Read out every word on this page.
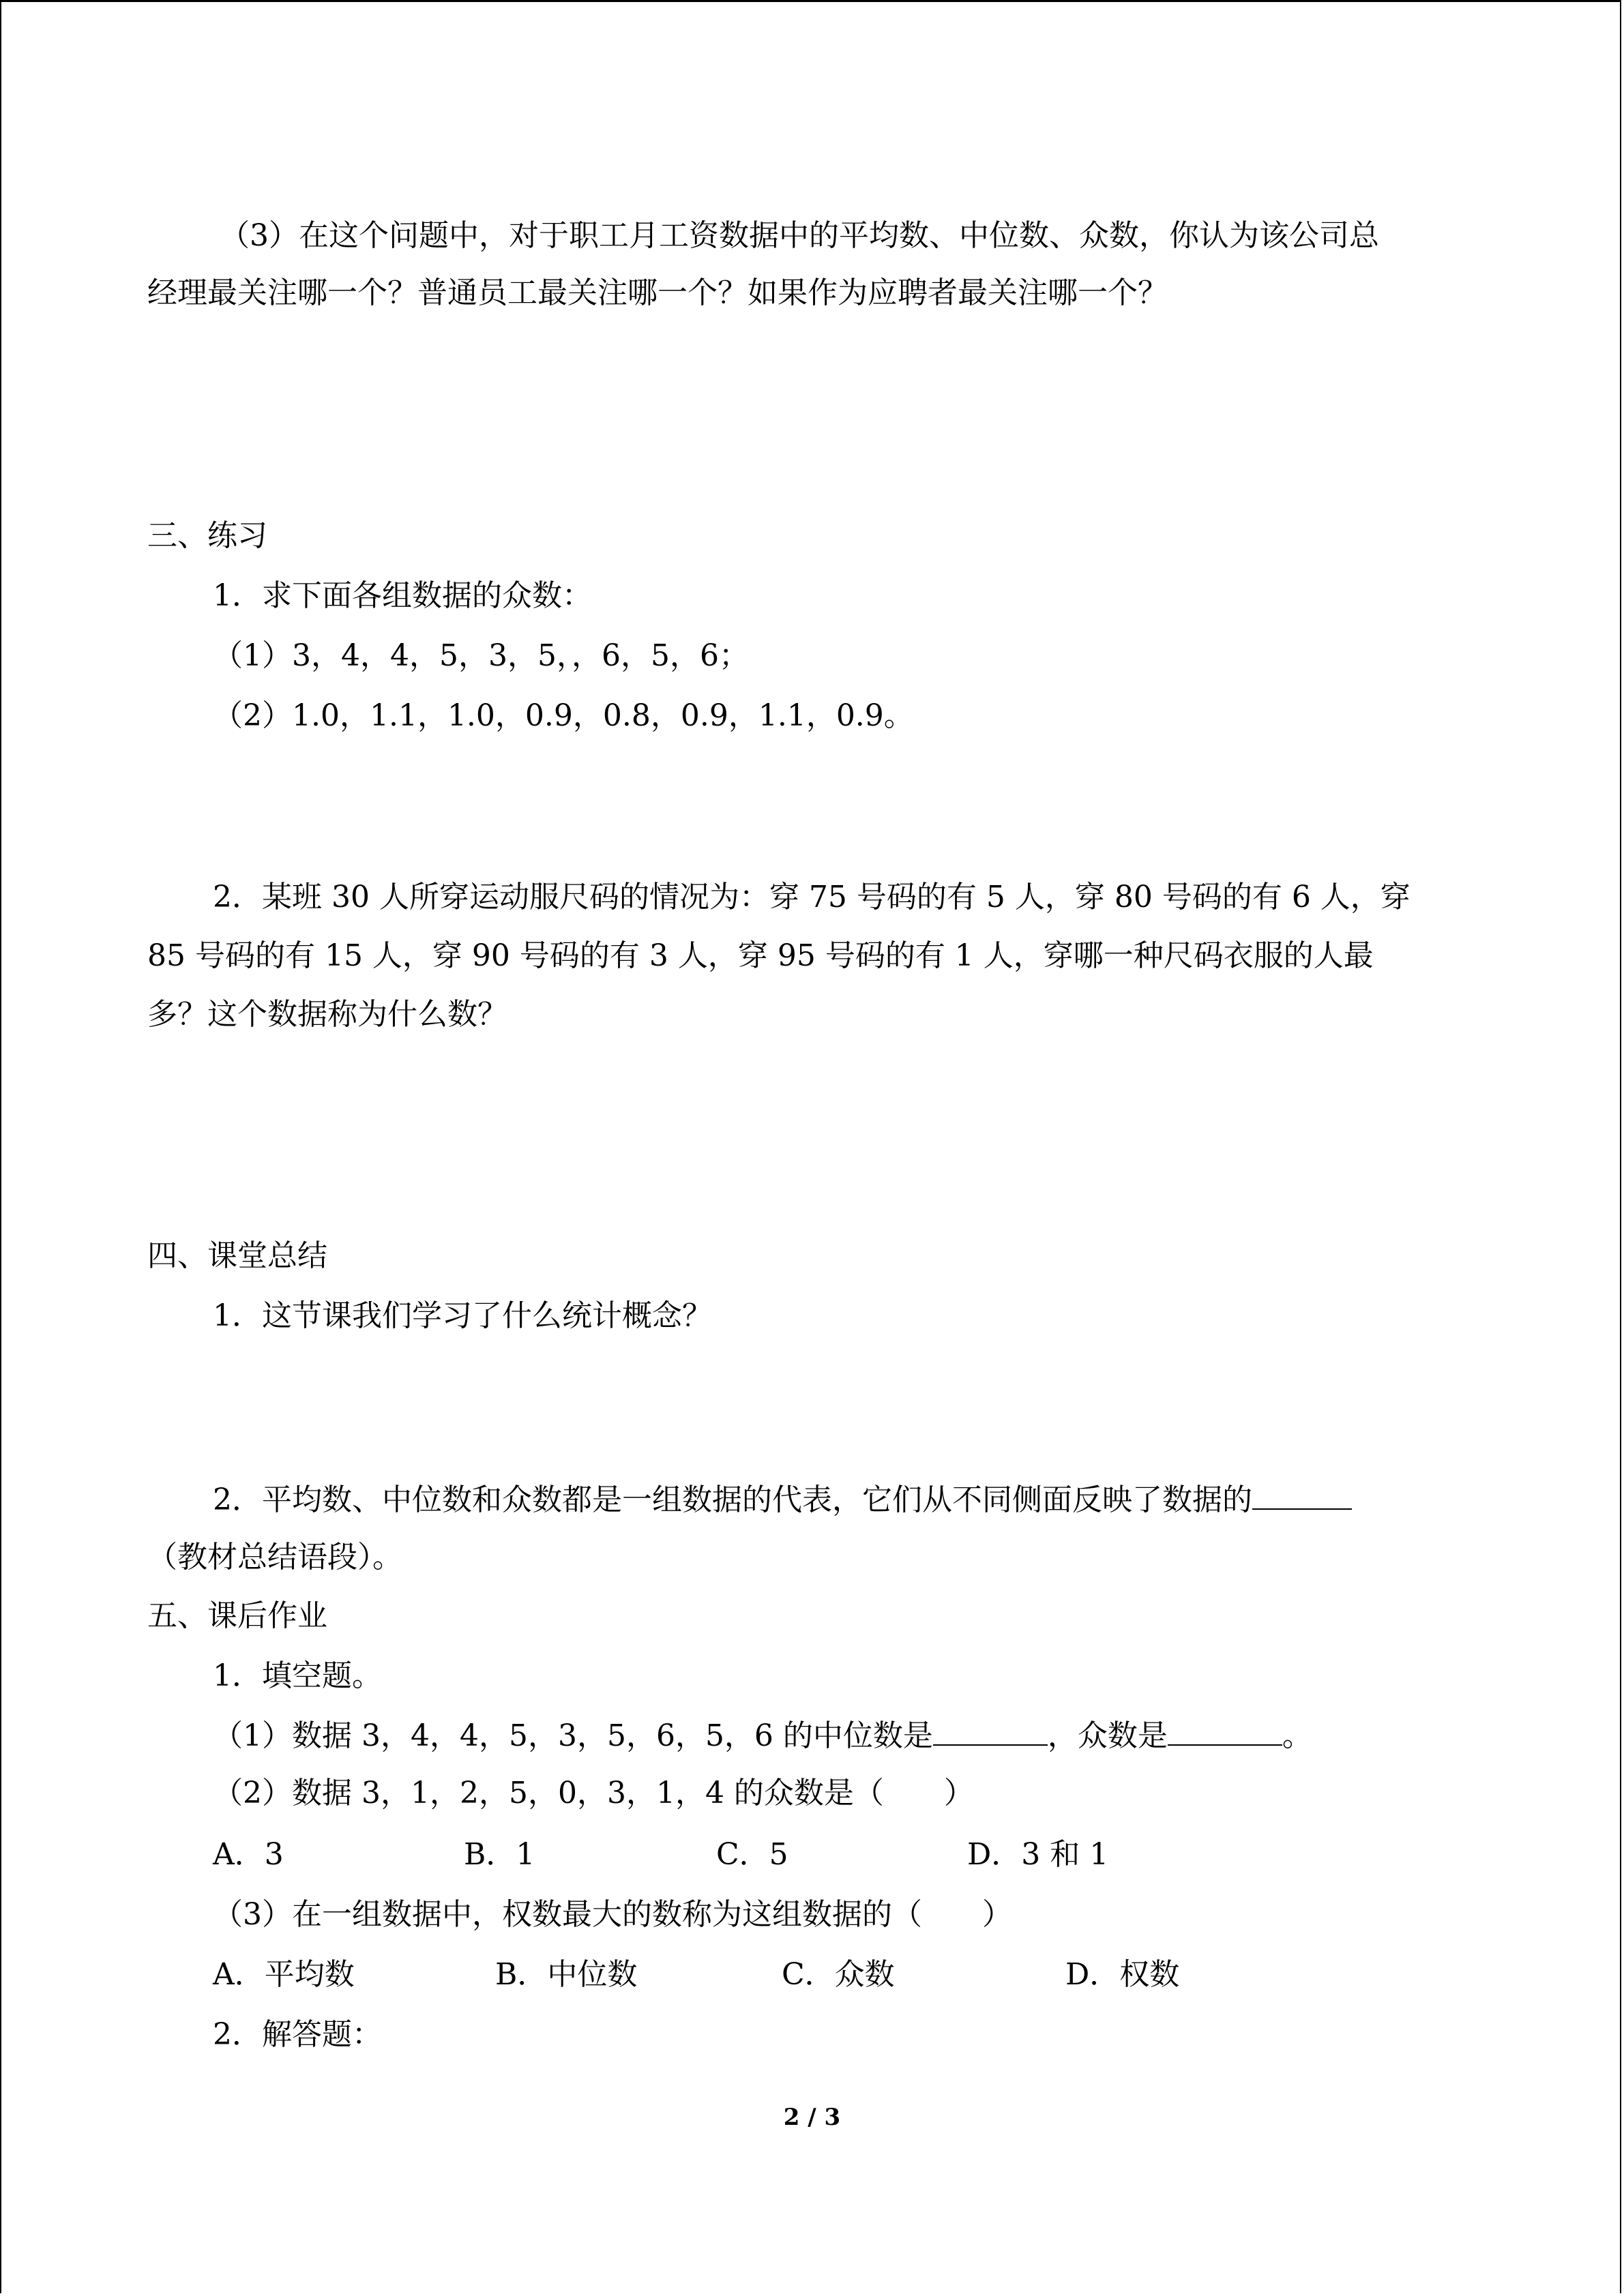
（3）在这个问题中，对于职工月工资数据中的平均数、中位数、众数，你认为该公司总
经理最关注哪一个？普通员工最关注哪一个？如果作为应聘者最关注哪一个？
三、练习
1．求下面各组数据的众数：
（1）3，4，4，5，3，5，，6，5，6；
（2）1.0，1.1，1.0，0.9，0.8，0.9，1.1，0.9。
2．某班 30 人所穿运动服尺码的情况为：穿 75 号码的有 5 人，穿 80 号码的有 6 人，穿
85 号码的有 15 人，穿 90 号码的有 3 人，穿 95 号码的有 1 人，穿哪一种尺码衣服的人最
多？这个数据称为什么数？
四、课堂总结
1．这节课我们学习了什么统计概念？
2．平均数、中位数和众数都是一组数据的代表，它们从不同侧面反映了数据的
（教材总结语段）。
五、课后作业
1．填空题。
（1）数据 3，4，4，5，3，5，6，5，6 的中位数是	，众数是	。
（2）数据 3，1，2，5，0，3，1，4 的众数是（　　）
A．3	B．1	C．5	D．3 和 1
（3）在一组数据中，权数最大的数称为这组数据的（　　）
A．平均数	B．中位数	C．众数	D．权数
2．解答题：
2 / 3
